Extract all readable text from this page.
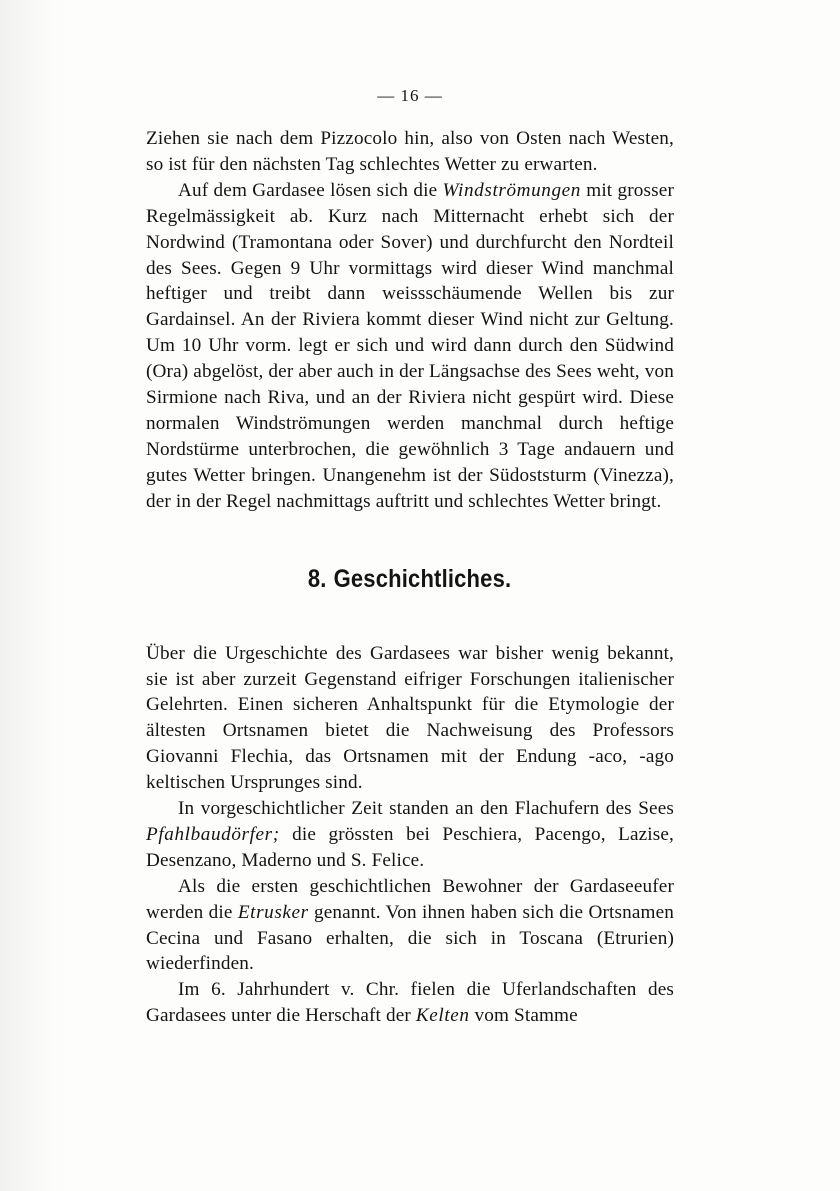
— 16 —

Ziehen sie nach dem Pizzocolo hin, also von Osten nach Westen, so ist für den nächsten Tag schlechtes Wetter zu erwarten.

Auf dem Gardasee lösen sich die Windströmungen mit grosser Regelmässigkeit ab. Kurz nach Mitternacht erhebt sich der Nordwind (Tramontana oder Sover) und durchfurcht den Nordteil des Sees. Gegen 9 Uhr vormittags wird dieser Wind manchmal heftiger und treibt dann weissschäumende Wellen bis zur Gardainsel. An der Riviera kommt dieser Wind nicht zur Geltung. Um 10 Uhr vorm. legt er sich und wird dann durch den Südwind (Ora) abgelöst, der aber auch in der Längsachse des Sees weht, von Sirmione nach Riva, und an der Riviera nicht gespürt wird. Diese normalen Windströmungen werden manchmal durch heftige Nordstürme unterbrochen, die gewöhnlich 3 Tage andauern und gutes Wetter bringen. Unangenehm ist der Südoststurm (Vinezza), der in der Regel nachmittags auftritt und schlechtes Wetter bringt.

8. Geschichtliches.

Über die Urgeschichte des Gardasees war bisher wenig bekannt, sie ist aber zurzeit Gegenstand eifriger Forschungen italienischer Gelehrten. Einen sicheren Anhaltspunkt für die Etymologie der ältesten Ortsnamen bietet die Nachweisung des Professors Giovanni Flechia, das Ortsnamen mit der Endung -aco, -ago keltischen Ursprunges sind.

In vorgeschichtlicher Zeit standen an den Flachufern des Sees Pfahlbaudörfer; die grössten bei Peschiera, Pacengo, Lazise, Desenzano, Maderno und S. Felice.

Als die ersten geschichtlichen Bewohner der Gardaseeufer werden die Etrusker genannt. Von ihnen haben sich die Ortsnamen Cecina und Fasano erhalten, die sich in Toscana (Etrurien) wiederfinden.

Im 6. Jahrhundert v. Chr. fielen die Uferlandschaften des Gardasees unter die Herschaft der Kelten vom Stamme
